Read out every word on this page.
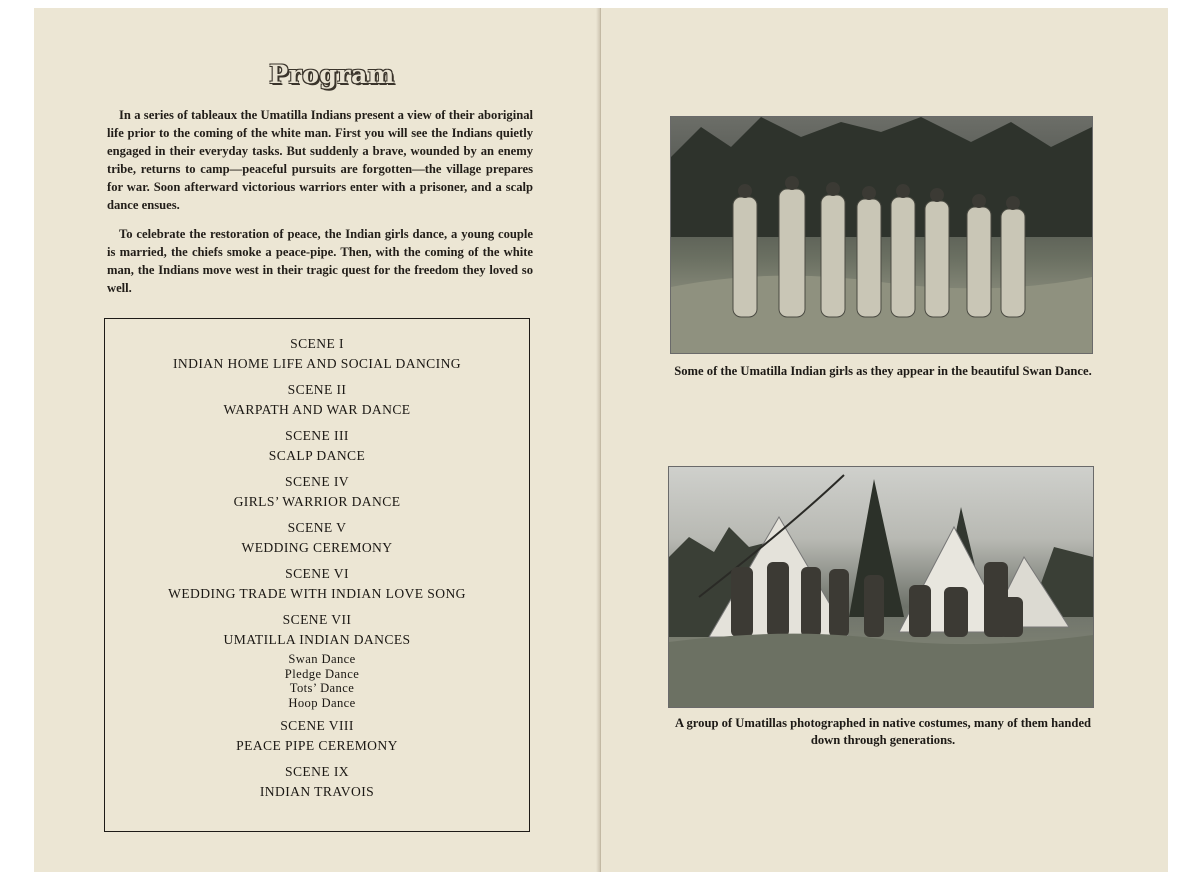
Program

In a series of tableaux the Umatilla Indians present a view of their aboriginal life prior to the coming of the white man. First you will see the Indians quietly engaged in their everyday tasks. But suddenly a brave, wounded by an enemy tribe, returns to camp—peaceful pursuits are forgotten—the village prepares for war. Soon afterward victorious warriors enter with a prisoner, and a scalp dance ensues.

To celebrate the restoration of peace, the Indian girls dance, a young couple is married, the chiefs smoke a peace-pipe. Then, with the coming of the white man, the Indians move west in their tragic quest for the freedom they loved so well.

SCENE I
INDIAN HOME LIFE AND SOCIAL DANCING
SCENE II
WARPATH AND WAR DANCE
SCENE III
SCALP DANCE
SCENE IV
GIRLS’ WARRIOR DANCE
SCENE V
WEDDING CEREMONY
SCENE VI
WEDDING TRADE WITH INDIAN LOVE SONG
SCENE VII
UMATILLA INDIAN DANCES
Swan Dance
Pledge Dance
Tots’ Dance
Hoop Dance
SCENE VIII
PEACE PIPE CEREMONY
SCENE IX
INDIAN TRAVOIS
Some of the Umatilla Indian girls as they appear in the beautiful Swan Dance.
A group of Umatillas photographed in native costumes, many of them handed down through generations.
